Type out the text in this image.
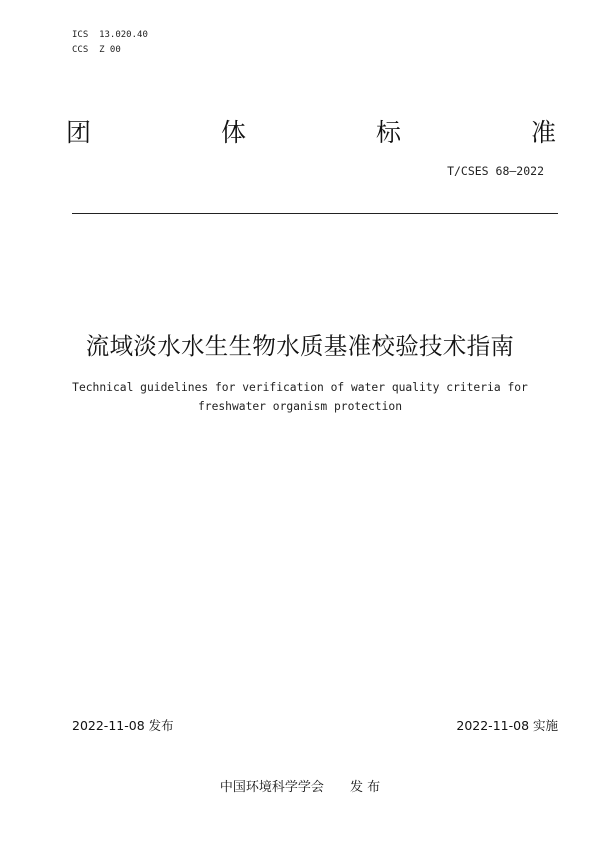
ICS  13.020.40
CCS  Z 00
团	体	标	准
T/CSES 68—2022
流域淡水水生生物水质基准校验技术指南
Technical guidelines for verification of water quality criteria for
freshwater organism protection
2022-11-08 发布	2022-11-08 实施
中国环境科学学会 发 布
